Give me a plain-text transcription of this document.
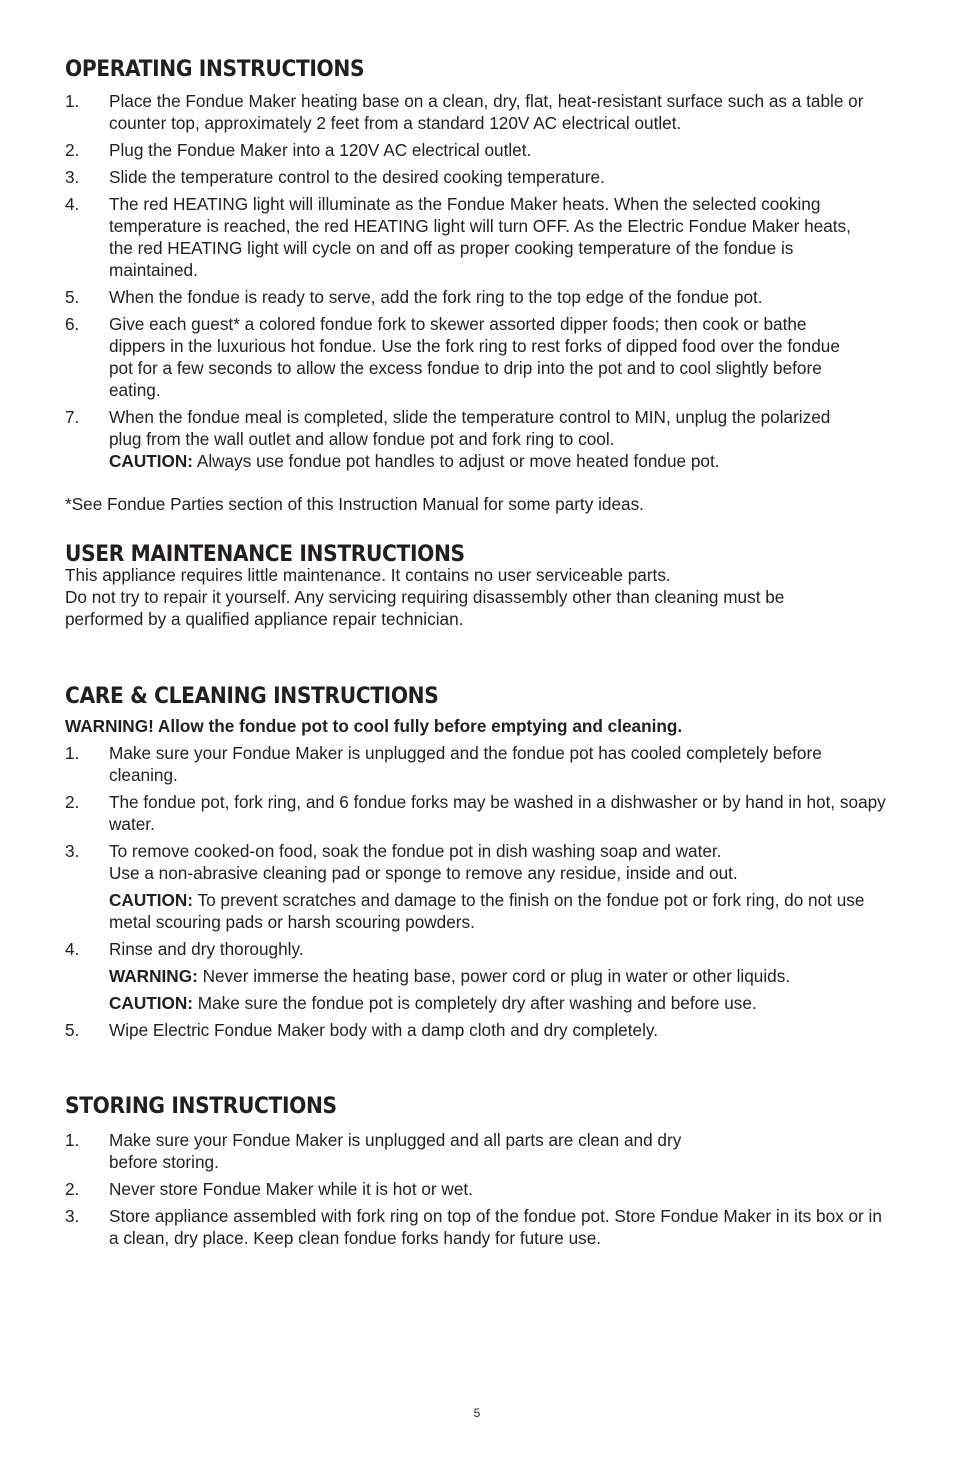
OPERATING INSTRUCTIONS
1. Place the Fondue Maker heating base on a clean, dry, flat, heat-resistant surface such as a table or counter top, approximately 2 feet from a standard 120V AC electrical outlet.
2. Plug the Fondue Maker into a 120V AC electrical outlet.
3. Slide the temperature control to the desired cooking temperature.
4. The red HEATING light will illuminate as the Fondue Maker heats. When the selected cooking temperature is reached, the red HEATING light will turn OFF. As the Electric Fondue Maker heats, the red HEATING light will cycle on and off as proper cooking temperature of the fondue is maintained.
5. When the fondue is ready to serve, add the fork ring to the top edge of the fondue pot.
6. Give each guest* a colored fondue fork to skewer assorted dipper foods; then cook or bathe dippers in the luxurious hot fondue. Use the fork ring to rest forks of dipped food over the fondue pot for a few seconds to allow the excess fondue to drip into the pot and to cool slightly before eating.
7. When the fondue meal is completed, slide the temperature control to MIN, unplug the polarized plug from the wall outlet and allow fondue pot and fork ring to cool.
CAUTION: Always use fondue pot handles to adjust or move heated fondue pot.

*See Fondue Parties section of this Instruction Manual for some party ideas.

USER MAINTENANCE INSTRUCTIONS

This appliance requires little maintenance. It contains no user serviceable parts.

Do not try to repair it yourself. Any servicing requiring disassembly other than cleaning must be performed by a qualified appliance repair technician.

CARE & CLEANING INSTRUCTIONS

WARNING! Allow the fondue pot to cool fully before emptying and cleaning.

1. Make sure your Fondue Maker is unplugged and the fondue pot has cooled completely before cleaning.
2. The fondue pot, fork ring, and 6 fondue forks may be washed in a dishwasher or by hand in hot, soapy water.
3. To remove cooked-on food, soak the fondue pot in dish washing soap and water.
Use a non-abrasive cleaning pad or sponge to remove any residue, inside and out.
CAUTION: To prevent scratches and damage to the finish on the fondue pot or fork ring, do not use metal scouring pads or harsh scouring powders.
4. Rinse and dry thoroughly.
WARNING: Never immerse the heating base, power cord or plug in water or other liquids.
CAUTION: Make sure the fondue pot is completely dry after washing and before use.
5. Wipe Electric Fondue Maker body with a damp cloth and dry completely.
STORING INSTRUCTIONS
1. Make sure your Fondue Maker is unplugged and all parts are clean and dry
before storing.
2. Never store Fondue Maker while it is hot or wet.
3. Store appliance assembled with fork ring on top of the fondue pot. Store Fondue Maker in its box or in a clean, dry place. Keep clean fondue forks handy for future use.
5
